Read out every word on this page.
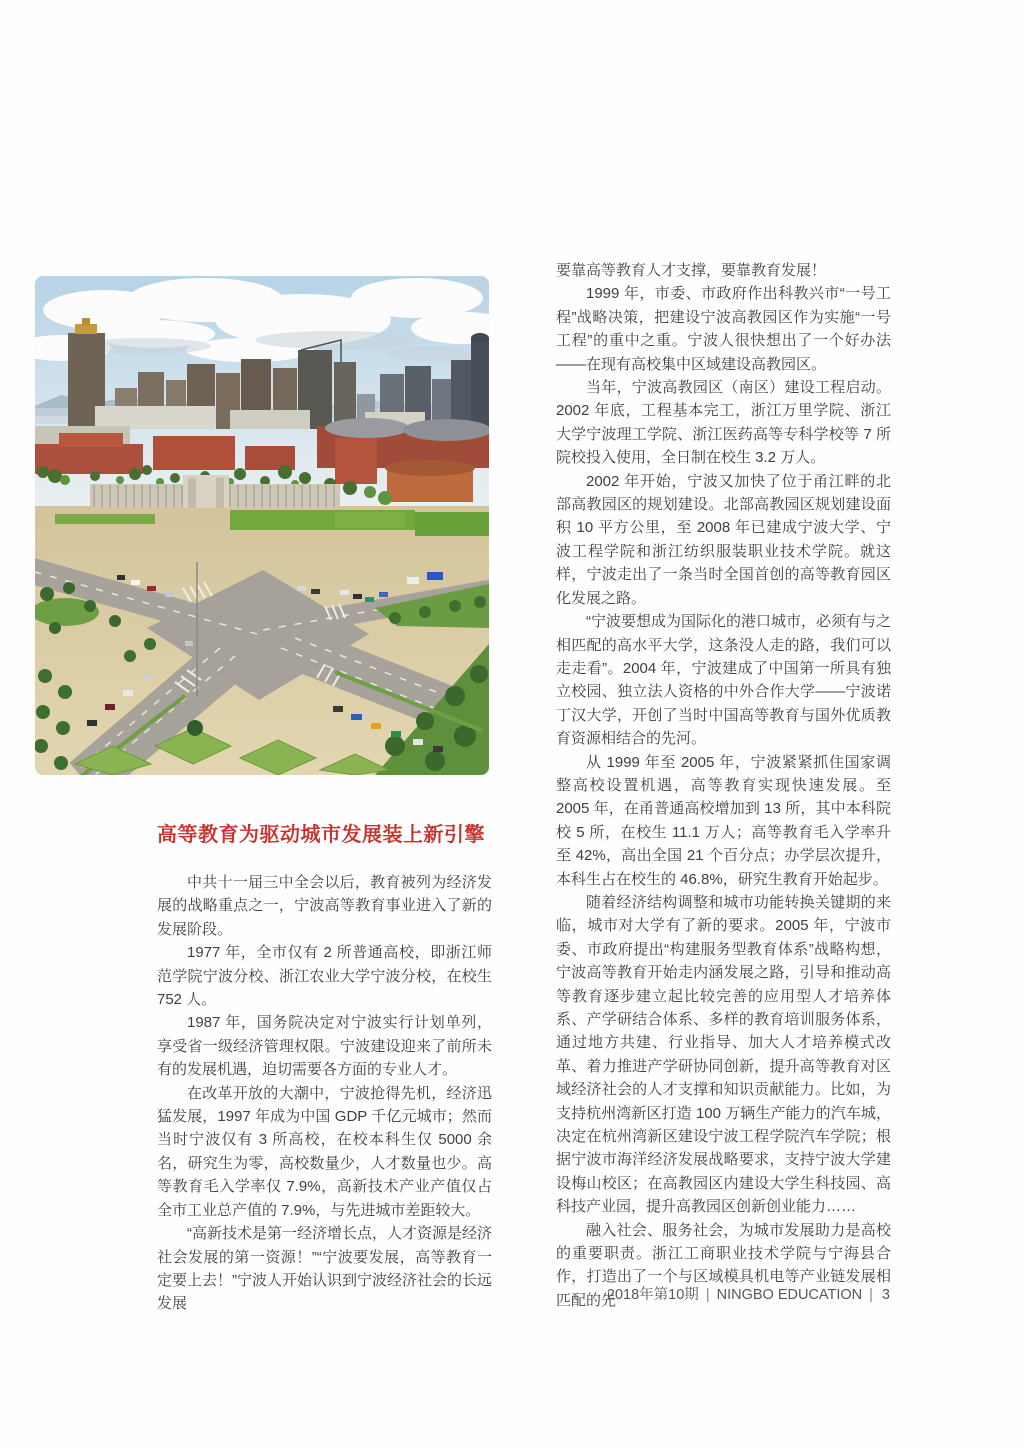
高等教育为驱动城市发展装上新引擎

中共十一届三中全会以后，教育被列为经济发展的战略重点之一，宁波高等教育事业进入了新的发展阶段。

1977 年，全市仅有 2 所普通高校，即浙江师范学院宁波分校、浙江农业大学宁波分校，在校生 752 人。

1987 年，国务院决定对宁波实行计划单列，享受省一级经济管理权限。宁波建设迎来了前所未有的发展机遇，迫切需要各方面的专业人才。

在改革开放的大潮中，宁波抢得先机，经济迅猛发展，1997 年成为中国 GDP 千亿元城市；然而当时宁波仅有 3 所高校，在校本科生仅 5000 余名，研究生为零，高校数量少，人才数量也少。高等教育毛入学率仅 7.9%，高新技术产业产值仅占全市工业总产值的 7.9%，与先进城市差距较大。

“高新技术是第一经济增长点，人才资源是经济社会发展的第一资源！”“宁波要发展，高等教育一定要上去！”宁波人开始认识到宁波经济社会的长远发展

要靠高等教育人才支撑，要靠教育发展！

1999 年，市委、市政府作出科教兴市“一号工程”战略决策，把建设宁波高教园区作为实施“一号工程”的重中之重。宁波人很快想出了一个好办法——在现有高校集中区域建设高教园区。

当年，宁波高教园区（南区）建设工程启动。2002 年底，工程基本完工，浙江万里学院、浙江大学宁波理工学院、浙江医药高等专科学校等 7 所院校投入使用，全日制在校生 3.2 万人。

2002 年开始，宁波又加快了位于甬江畔的北部高教园区的规划建设。北部高教园区规划建设面积 10 平方公里，至 2008 年已建成宁波大学、宁波工程学院和浙江纺织服装职业技术学院。就这样，宁波走出了一条当时全国首创的高等教育园区化发展之路。

“宁波要想成为国际化的港口城市，必须有与之相匹配的高水平大学，这条没人走的路，我们可以走走看”。2004 年，宁波建成了中国第一所具有独立校园、独立法人资格的中外合作大学——宁波诺丁汉大学，开创了当时中国高等教育与国外优质教育资源相结合的先河。

从 1999 年至 2005 年，宁波紧紧抓住国家调整高校设置机遇，高等教育实现快速发展。至 2005 年，在甬普通高校增加到 13 所，其中本科院校 5 所，在校生 11.1 万人；高等教育毛入学率升至 42%，高出全国 21 个百分点；办学层次提升，本科生占在校生的 46.8%，研究生教育开始起步。

随着经济结构调整和城市功能转换关键期的来临，城市对大学有了新的要求。2005 年，宁波市委、市政府提出“构建服务型教育体系”战略构想，宁波高等教育开始走内涵发展之路，引导和推动高等教育逐步建立起比较完善的应用型人才培养体系、产学研结合体系、多样的教育培训服务体系，通过地方共建、行业指导、加大人才培养模式改革、着力推进产学研协同创新，提升高等教育对区域经济社会的人才支撑和知识贡献能力。比如，为支持杭州湾新区打造 100 万辆生产能力的汽车城，决定在杭州湾新区建设宁波工程学院汽车学院；根据宁波市海洋经济发展战略要求，支持宁波大学建设梅山校区；在高教园区内建设大学生科技园、高科技产业园，提升高教园区创新创业能力……

融入社会、服务社会，为城市发展助力是高校的重要职责。浙江工商职业技术学院与宁海县合作，打造出了一个与区域模具机电等产业链发展相匹配的先

2018年第10期 | NINGBO EDUCATION | 3
